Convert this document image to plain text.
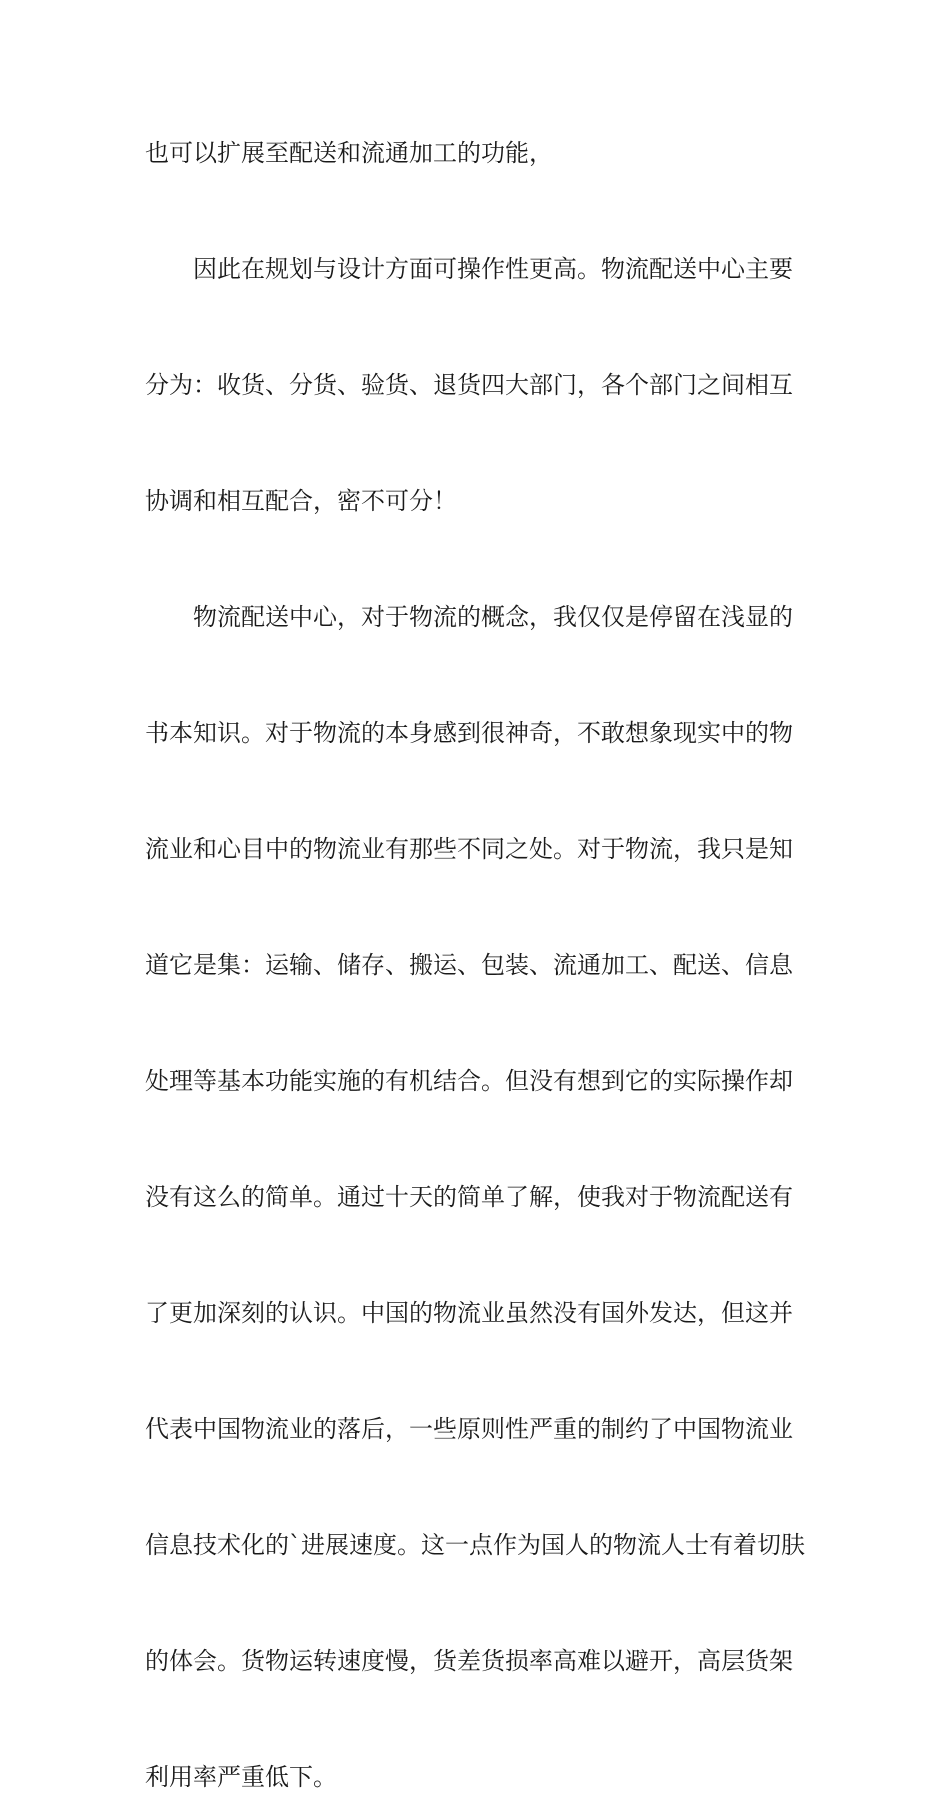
也可以扩展至配送和流通加工的功能，
因此在规划与设计方面可操作性更高。物流配送中心主要
分为：收货、分货、验货、退货四大部门，各个部门之间相互
协调和相互配合，密不可分！
物流配送中心，对于物流的概念，我仅仅是停留在浅显的
书本知识。对于物流的本身感到很神奇，不敢想象现实中的物
流业和心目中的物流业有那些不同之处。对于物流，我只是知
道它是集：运输、储存、搬运、包装、流通加工、配送、信息
处理等基本功能实施的有机结合。但没有想到它的实际操作却
没有这么的简单。通过十天的简单了解，使我对于物流配送有
了更加深刻的认识。中国的物流业虽然没有国外发达，但这并
代表中国物流业的落后，一些原则性严重的制约了中国物流业
信息技术化的`进展速度。这一点作为国人的物流人士有着切肤
的体会。货物运转速度慢，货差货损率高难以避开，高层货架
利用率严重低下。
